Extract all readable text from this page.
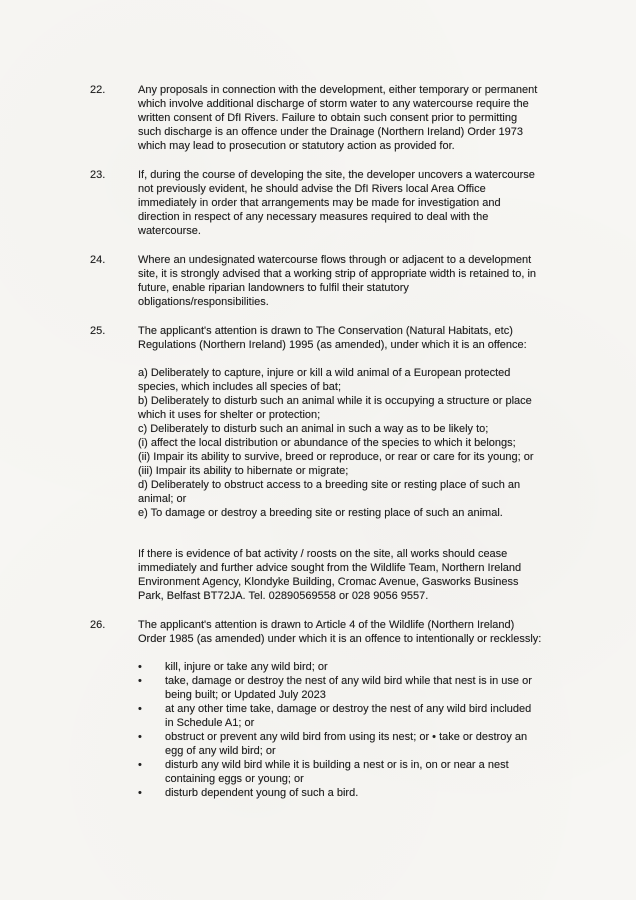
22.	Any proposals in connection with the development, either temporary or permanent which involve additional discharge of storm water to any watercourse require the written consent of DfI Rivers. Failure to obtain such consent prior to permitting such discharge is an offence under the Drainage (Northern Ireland) Order 1973 which may lead to prosecution or statutory action as provided for.

23.	If, during the course of developing the site, the developer uncovers a watercourse not previously evident, he should advise the DfI Rivers local Area Office immediately in order that arrangements may be made for investigation and direction in respect of any necessary measures required to deal with the watercourse.

24.	Where an undesignated watercourse flows through or adjacent to a development site, it is strongly advised that a working strip of appropriate width is retained to, in future, enable riparian landowners to fulfil their statutory obligations/responsibilities.

25.	The applicant's attention is drawn to The Conservation (Natural Habitats, etc) Regulations (Northern Ireland) 1995 (as amended), under which it is an offence:

a) Deliberately to capture, injure or kill a wild animal of a European protected species, which includes all species of bat;

b) Deliberately to disturb such an animal while it is occupying a structure or place which it uses for shelter or protection;

c) Deliberately to disturb such an animal in such a way as to be likely to;

(i) affect the local distribution or abundance of the species to which it belongs;

(ii) Impair its ability to survive, breed or reproduce, or rear or care for its young; or

(iii) Impair its ability to hibernate or migrate;

d) Deliberately to obstruct access to a breeding site or resting place of such an animal; or

e) To damage or destroy a breeding site or resting place of such an animal.

If there is evidence of bat activity / roosts on the site, all works should cease immediately and further advice sought from the Wildlife Team, Northern Ireland Environment Agency, Klondyke Building, Cromac Avenue, Gasworks Business Park, Belfast BT72JA. Tel. 02890569558 or 028 9056 9557.

26.	The applicant's attention is drawn to Article 4 of the Wildlife (Northern Ireland) Order 1985 (as amended) under which it is an offence to intentionally or recklessly:

•	kill, injure or take any wild bird; or
•	take, damage or destroy the nest of any wild bird while that nest is in use or being built; or Updated July 2023
•	at any other time take, damage or destroy the nest of any wild bird included in Schedule A1; or
•	obstruct or prevent any wild bird from using its nest; or • take or destroy an egg of any wild bird; or
•	disturb any wild bird while it is building a nest or is in, on or near a nest containing eggs or young; or
•	disturb dependent young of such a bird.
